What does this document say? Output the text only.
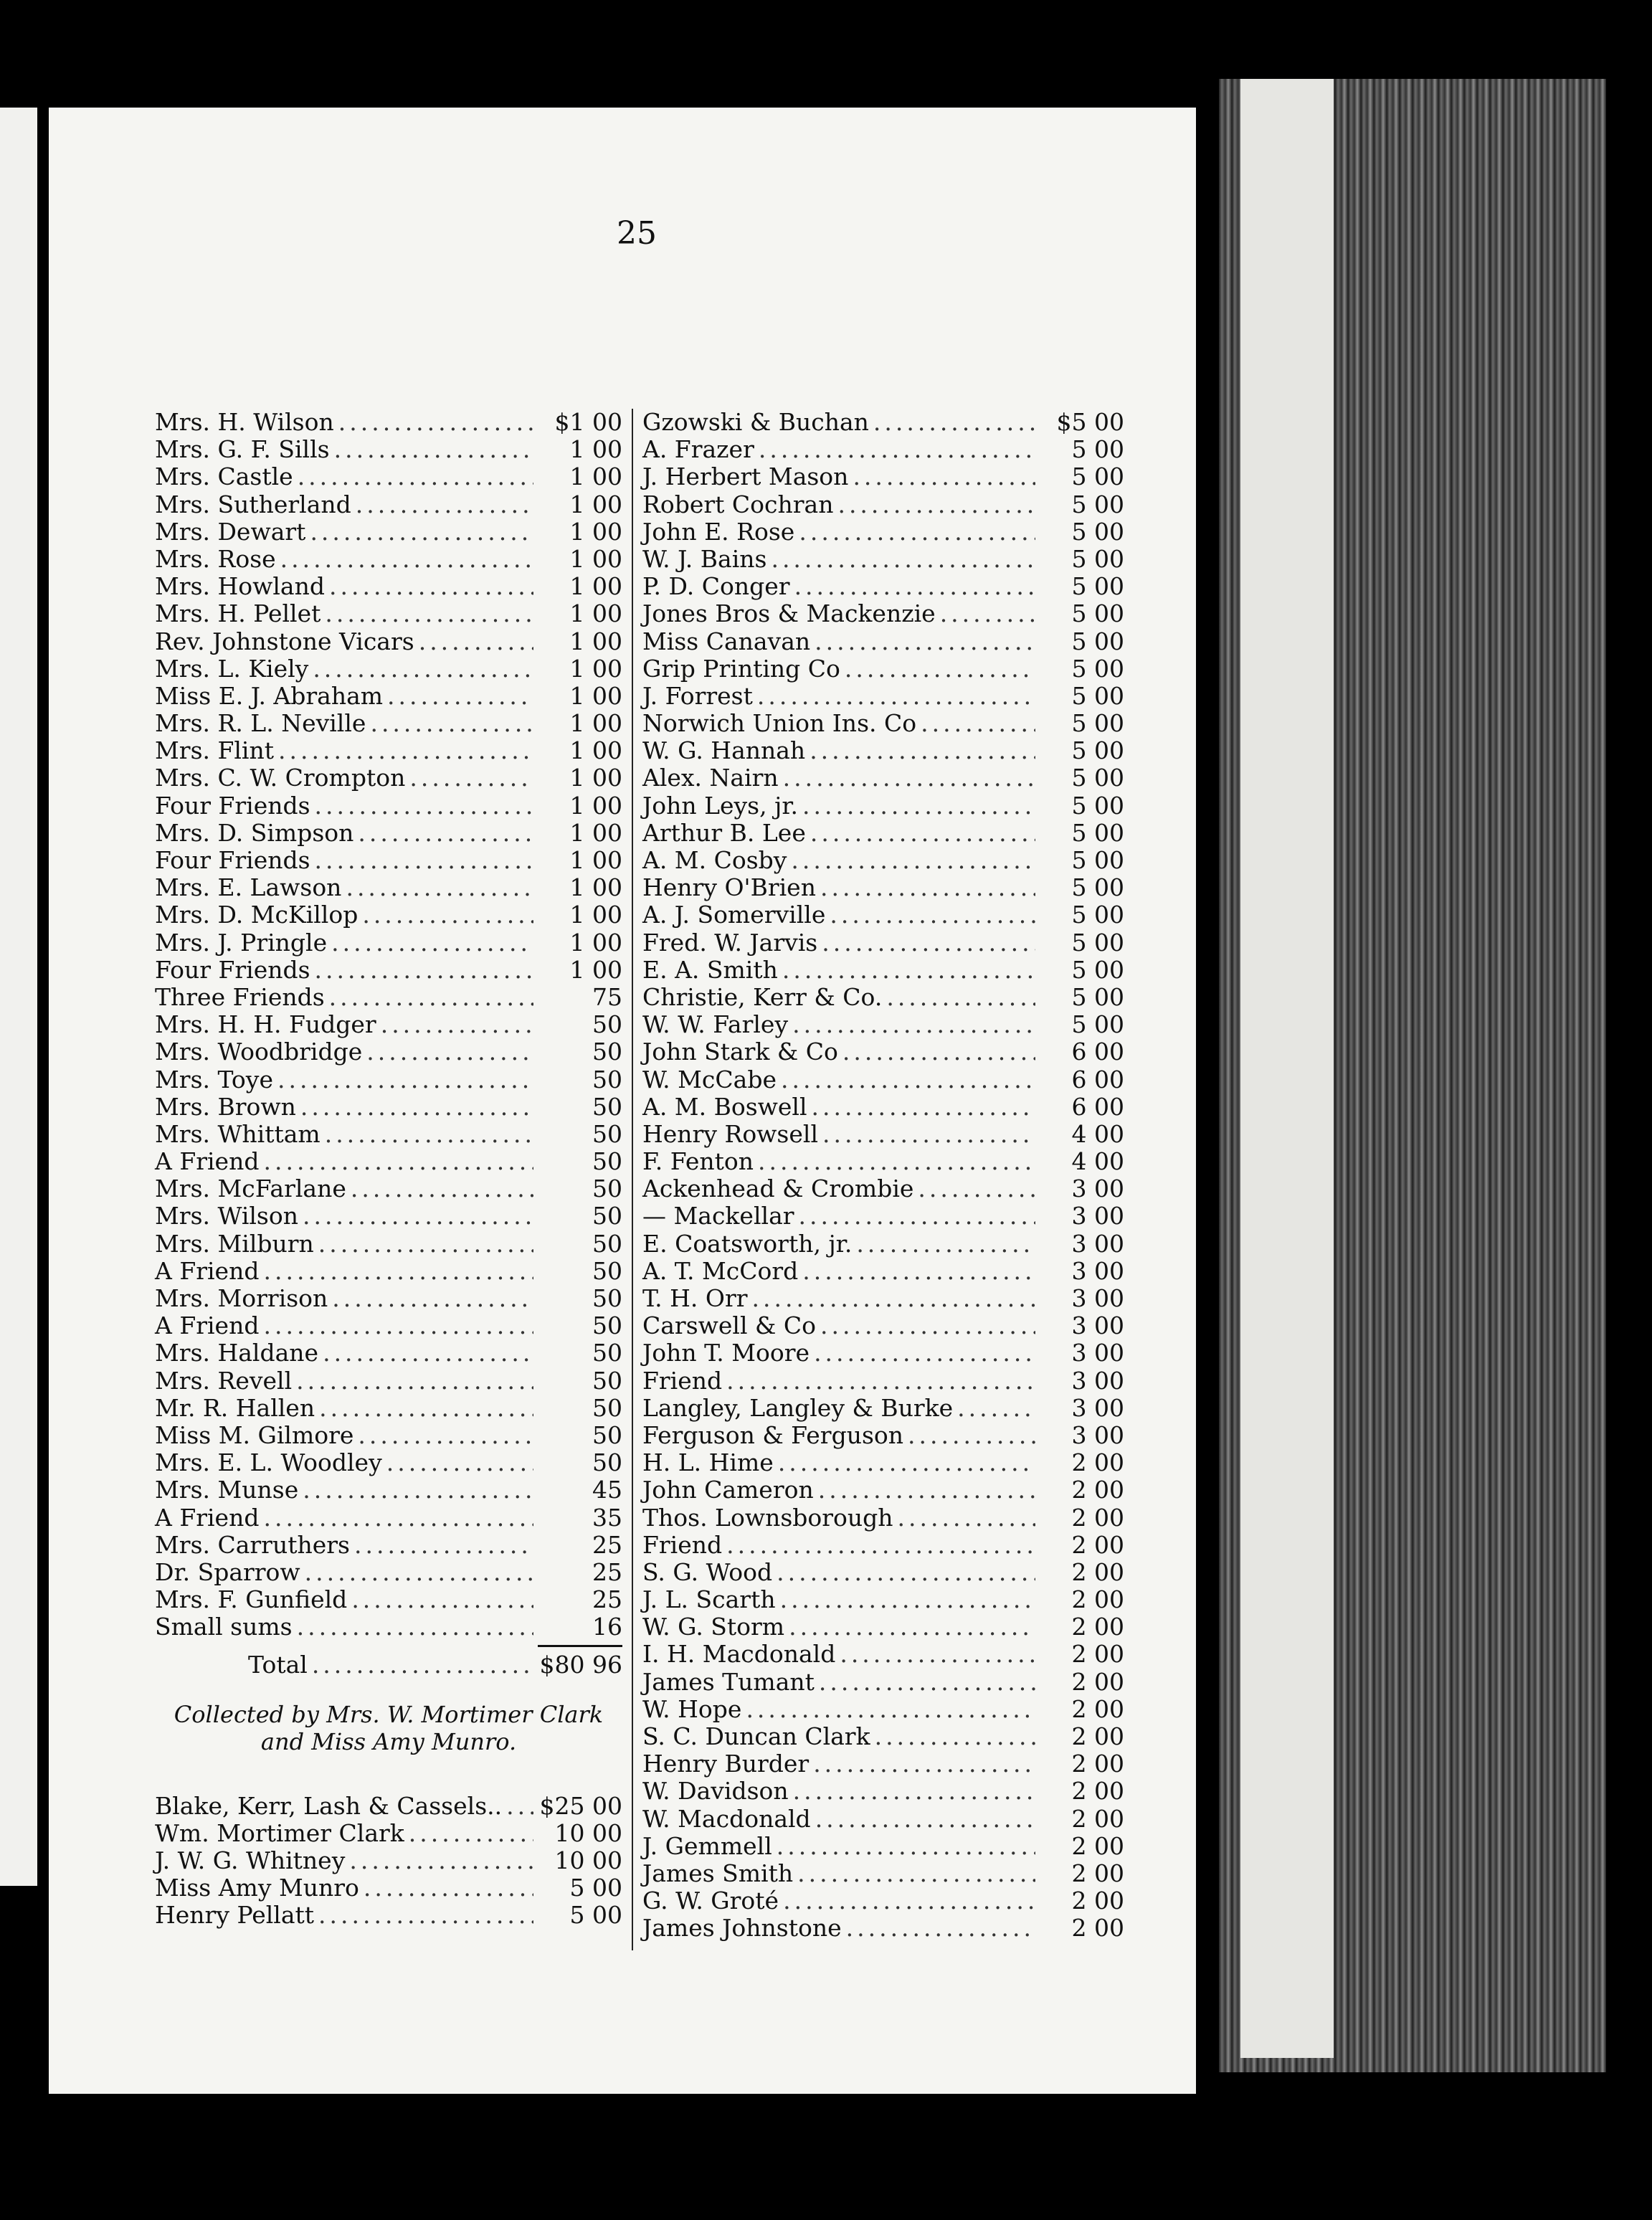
25
Mrs. H. Wilson .....	$1 00
Mrs. G. F. Sills .....	1 00
Mrs. Castle .....	1 00
Mrs. Sutherland .....	1 00
Mrs. Dewart .....	1 00
Mrs. Rose .....	1 00
Mrs. Howland .....	1 00
Mrs. H. Pellet .....	1 00
Rev. Johnstone Vicars .....	1 00
Mrs. L. Kiely .....	1 00
Miss E. J. Abraham .....	1 00
Mrs. R. L. Neville .....	1 00
Mrs. Flint .....	1 00
Mrs. C. W. Crompton .....	1 00
Four Friends .....	1 00
Mrs. D. Simpson .....	1 00
Four Friends .....	1 00
Mrs. E. Lawson .....	1 00
Mrs. D. McKillop .....	1 00
Mrs. J. Pringle .....	1 00
Four Friends .....	1 00
Three Friends .....	75
Mrs. H. H. Fudger .....	50
Mrs. Woodbridge .....	50
Mrs. Toye .....	50
Mrs. Brown .....	50
Mrs. Whittam .....	50
A Friend .....	50
Mrs. McFarlane .....	50
Mrs. Wilson .....	50
Mrs. Milburn .....	50
A Friend .....	50
Mrs. Morrison .....	50
A Friend .....	50
Mrs. Haldane .....	50
Mrs. Revell .....	50
Mr. R. Hallen .....	50
Miss M. Gilmore .....	50
Mrs. E. L. Woodley .....	50
Mrs. Munse .....	45
A Friend .....	35
Mrs. Carruthers .....	25
Dr. Sparrow .....	25
Mrs. F. Gunfield .....	25
Small sums .....	16
Total .....	$80 96
Collected by Mrs. W. Mortimer Clark
and Miss Amy Munro.
Blake, Kerr, Lash & Cassels.. ..... $25 00
Wm. Mortimer Clark .....	10 00
J. W. G. Whitney .....	10 00
Miss Amy Munro .....	5 00
Henry Pellatt .....	5 00
Gzowski & Buchan .....	$5 00
A. Frazer .....	5 00
J. Herbert Mason .....	5 00
Robert Cochran .....	5 00
John E. Rose .....	5 00
W. J. Bains .....	5 00
P. D. Conger .....	5 00
Jones Bros & Mackenzie .....	5 00
Miss Canavan .....	5 00
Grip Printing Co .....	5 00
J. Forrest .....	5 00
Norwich Union Ins. Co .....	5 00
W. G. Hannah .....	5 00
Alex. Nairn .....	5 00
John Leys, jr. .....	5 00
Arthur B. Lee .....	5 00
A. M. Cosby .....	5 00
Henry O'Brien .....	5 00
A. J. Somerville .....	5 00
Fred. W. Jarvis .....	5 00
E. A. Smith .....	5 00
Christie, Kerr & Co. .....	5 00
W. W. Farley .....	5 00
John Stark & Co .....	6 00
W. McCabe .....	6 00
A. M. Boswell .....	6 00
Henry Rowsell .....	4 00
F. Fenton .....	4 00
Ackenhead & Crombie .....	3 00
— Mackellar .....	3 00
E. Coatsworth, jr. .....	3 00
A. T. McCord .....	3 00
T. H. Orr .....	3 00
Carswell & Co .....	3 00
John T. Moore .....	3 00
Friend .....	3 00
Langley, Langley & Burke .....	3 00
Ferguson & Ferguson .....	3 00
H. L. Hime .....	2 00
John Cameron .....	2 00
Thos. Lownsborough .....	2 00
Friend .....	2 00
S. G. Wood .....	2 00
J. L. Scarth .....	2 00
W. G. Storm .....	2 00
I. H. Macdonald .....	2 00
James Tumant .....	2 00
W. Hope .....	2 00
S. C. Duncan Clark .....	2 00
Henry Burder .....	2 00
W. Davidson .....	2 00
W. Macdonald .....	2 00
J. Gemmell .....	2 00
James Smith .....	2 00
G. W. Groté .....	2 00
James Johnstone .....	2 00
